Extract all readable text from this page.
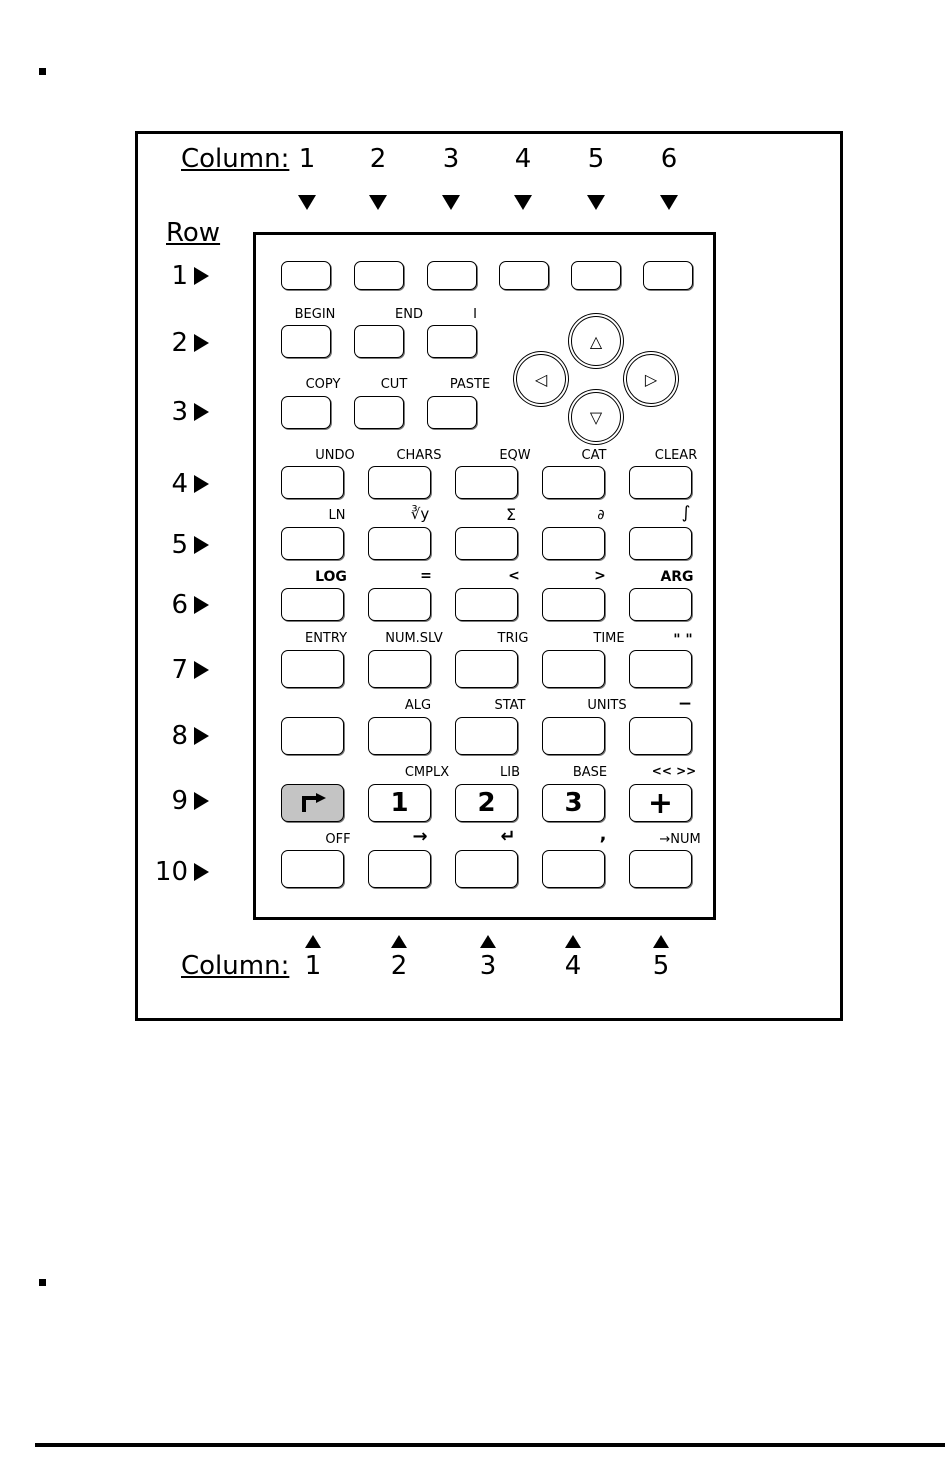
Column: 1 2 3 4 5 6
Row
1
2
3
4
5
6
7
8
9
10
BEGIN	END	I
COPY	CUT	PASTE
△
◁	▷
▽
UNDO	CHARS	EQW	CAT	CLEAR
LN	∛y	Σ	∂	∫
LOG	=	<	>	ARG
ENTRY	NUM.SLV	TRIG	TIME	" "
ALG	STAT	UNITS	−
CMPLX	LIB	BASE	<< >>
1	2	3	+
OFF	→	↵	,	→NUM
Column: 1	2	3	4	5
